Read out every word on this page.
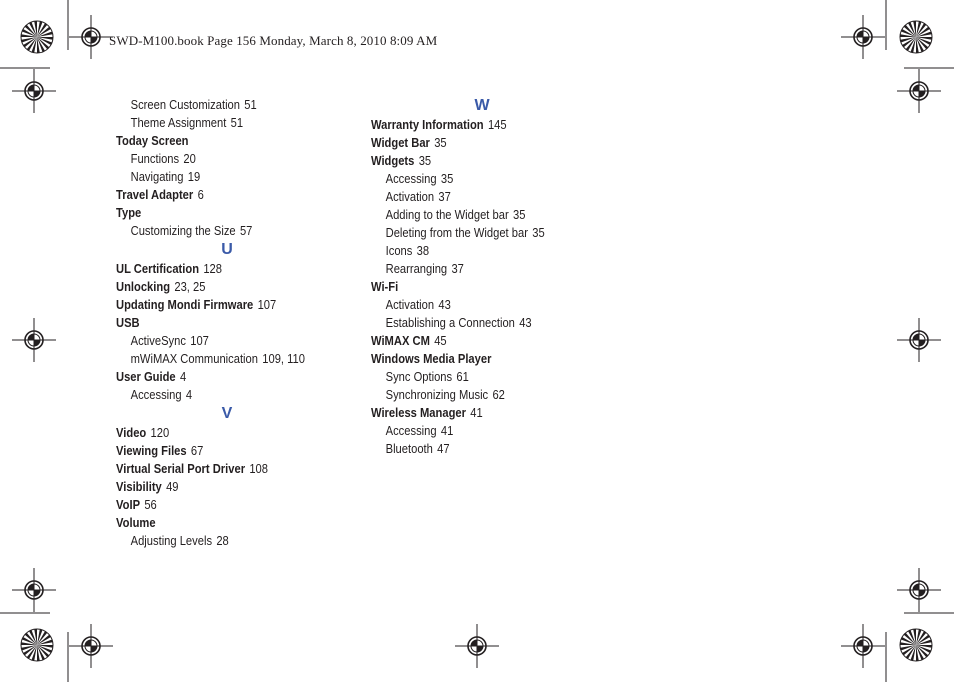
SWD-M100.book Page 156 Monday, March 8, 2010 8:09 AM
Screen Customization 51
Theme Assignment 51
Today Screen
Functions 20
Navigating 19
Travel Adapter 6
Type
Customizing the Size 57
U
UL Certification 128
Unlocking 23, 25
Updating Mondi Firmware 107
USB
ActiveSync 107
mWiMAX Communication 109, 110
User Guide 4
Accessing 4
V
Video 120
Viewing Files 67
Virtual Serial Port Driver 108
Visibility 49
VoIP 56
Volume
Adjusting Levels 28
W
Warranty Information 145
Widget Bar 35
Widgets 35
Accessing 35
Activation 37
Adding to the Widget bar 35
Deleting from the Widget bar 35
Icons 38
Rearranging 37
Wi-Fi
Activation 43
Establishing a Connection 43
WiMAX CM 45
Windows Media Player
Sync Options 61
Synchronizing Music 62
Wireless Manager 41
Accessing 41
Bluetooth 47
